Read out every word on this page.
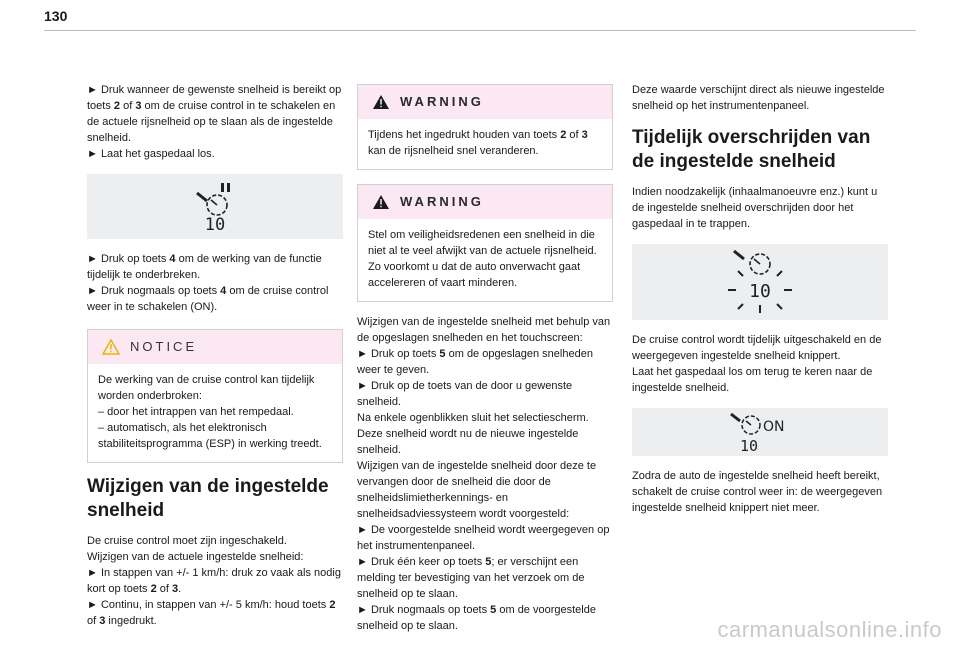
130

► Druk wanneer de gewenste snelheid is bereikt op toets 2 of 3 om de cruise control in te schakelen en de actuele rijsnelheid op te slaan als de ingestelde snelheid.

► Laat het gaspedaal los.

10

► Druk op toets 4 om de werking van de functie tijdelijk te onderbreken.

► Druk nogmaals op toets 4 om de cruise control weer in te schakelen (ON).

NOTICE

De werking van de cruise control kan tijdelijk worden onderbroken:

– door het intrappen van het rempedaal.

– automatisch, als het elektronisch stabiliteitsprogramma (ESP) in werking treedt.

Wijzigen van de ingestelde snelheid

De cruise control moet zijn ingeschakeld.

Wijzigen van de actuele ingestelde snelheid:

► In stappen van +/- 1 km/h: druk zo vaak als nodig kort op toets 2 of 3.

► Continu, in stappen van +/- 5 km/h: houd toets 2 of 3 ingedrukt.

WARNING

Tijdens het ingedrukt houden van toets 2 of 3 kan de rijsnelheid snel veranderen.

WARNING

Stel om veiligheidsredenen een snelheid in die niet al te veel afwijkt van de actuele rijsnelheid. Zo voorkomt u dat de auto onverwacht gaat accelereren of vaart minderen.

Wijzigen van de ingestelde snelheid met behulp van de opgeslagen snelheden en het touchscreen:

► Druk op toets 5 om de opgeslagen snelheden weer te geven.

► Druk op de toets van de door u gewenste snelheid.

Na enkele ogenblikken sluit het selectiescherm. Deze snelheid wordt nu de nieuwe ingestelde snelheid.

Wijzigen van de ingestelde snelheid door deze te vervangen door de snelheid die door de snelheidslimietherkennings- en snelheidsadviessysteem wordt voorgesteld:

► De voorgestelde snelheid wordt weergegeven op het instrumentenpaneel.

► Druk één keer op toets 5; er verschijnt een melding ter bevestiging van het verzoek om de snelheid op te slaan.

► Druk nogmaals op toets 5 om de voorgestelde snelheid op te slaan.

Deze waarde verschijnt direct als nieuwe ingestelde snelheid op het instrumentenpaneel.

Tijdelijk overschrijden van de ingestelde snelheid

Indien noodzakelijk (inhaalmanoeuvre enz.) kunt u de ingestelde snelheid overschrijden door het gaspedaal in te trappen.

10

De cruise control wordt tijdelijk uitgeschakeld en de weergegeven ingestelde snelheid knippert.

Laat het gaspedaal los om terug te keren naar de ingestelde snelheid.

ON
10

Zodra de auto de ingestelde snelheid heeft bereikt, schakelt de cruise control weer in: de weergegeven ingestelde snelheid knippert niet meer.

carmanualsonline.info
